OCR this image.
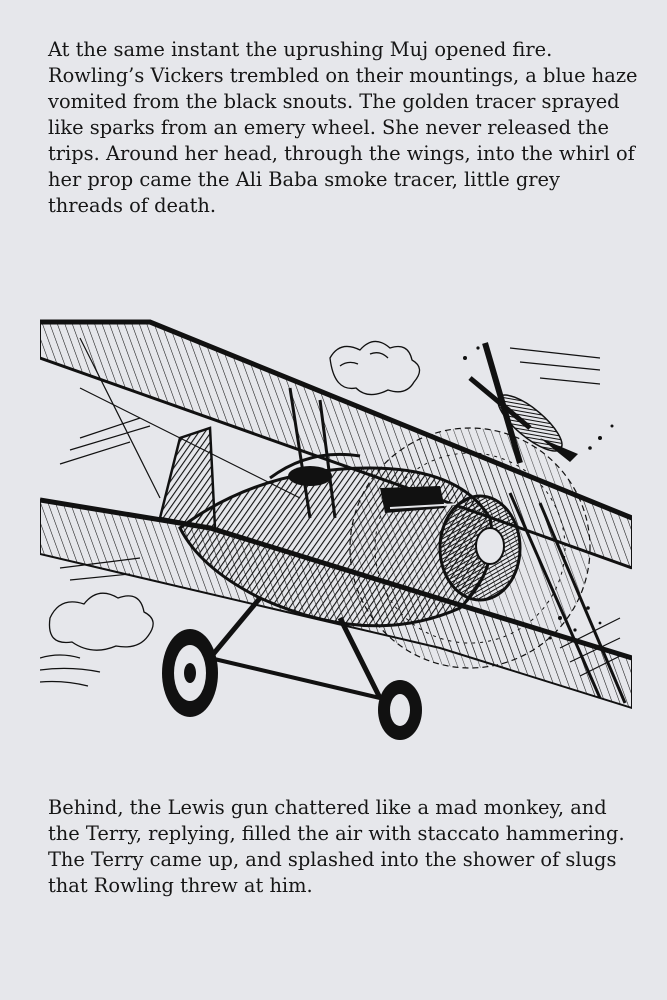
At the same instant the uprushing Muj opened fire. Rowling’s Vickers trembled on their mountings, a blue haze vomited from the black snouts. The golden tracer sprayed like sparks from an emery wheel. She never released the trips. Around her head, through the wings, into the whirl of her prop came the Ali Baba smoke tracer, little grey threads of death.

Behind, the Lewis gun chattered like a mad monkey, and the Terry, replying, filled the air with staccato hammering. The Terry came up, and splashed into the shower of slugs that Rowling threw at him.
